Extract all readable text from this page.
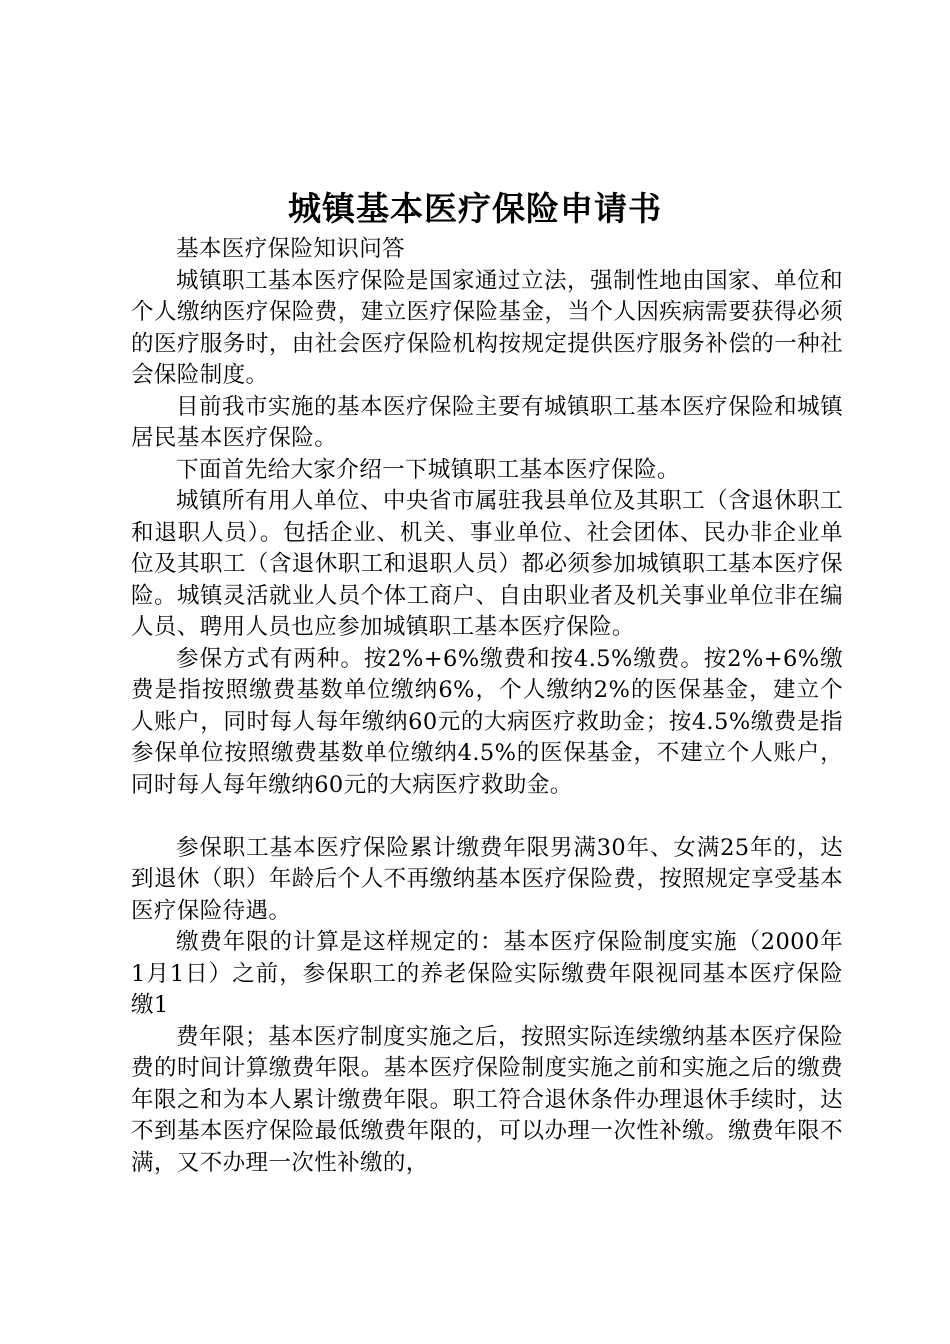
城镇基本医疗保险申请书

基本医疗保险知识问答

城镇职工基本医疗保险是国家通过立法，强制性地由国家、单位和个人缴纳医疗保险费，建立医疗保险基金，当个人因疾病需要获得必须的医疗服务时，由社会医疗保险机构按规定提供医疗服务补偿的一种社会保险制度。

目前我市实施的基本医疗保险主要有城镇职工基本医疗保险和城镇居民基本医疗保险。

下面首先给大家介绍一下城镇职工基本医疗保险。

城镇所有用人单位、中央省市属驻我县单位及其职工（含退休职工和退职人员）。包括企业、机关、事业单位、社会团体、民办非企业单位及其职工（含退休职工和退职人员）都必须参加城镇职工基本医疗保险。城镇灵活就业人员个体工商户、自由职业者及机关事业单位非在编人员、聘用人员也应参加城镇职工基本医疗保险。

参保方式有两种。按2%+6%缴费和按4.5%缴费。按2%+6%缴费是指按照缴费基数单位缴纳6%，个人缴纳2%的医保基金，建立个人账户，同时每人每年缴纳60元的大病医疗救助金；按4.5%缴费是指参保单位按照缴费基数单位缴纳4.5%的医保基金，不建立个人账户，同时每人每年缴纳60元的大病医疗救助金。

参保职工基本医疗保险累计缴费年限男满30年、女满25年的，达到退休（职）年龄后个人不再缴纳基本医疗保险费，按照规定享受基本医疗保险待遇。

缴费年限的计算是这样规定的：基本医疗保险制度实施（2000年1月1日）之前，参保职工的养老保险实际缴费年限视同基本医疗保险缴1

费年限；基本医疗制度实施之后，按照实际连续缴纳基本医疗保险费的时间计算缴费年限。基本医疗保险制度实施之前和实施之后的缴费年限之和为本人累计缴费年限。职工符合退休条件办理退休手续时，达不到基本医疗保险最低缴费年限的，可以办理一次性补缴。缴费年限不满，又不办理一次性补缴的，
